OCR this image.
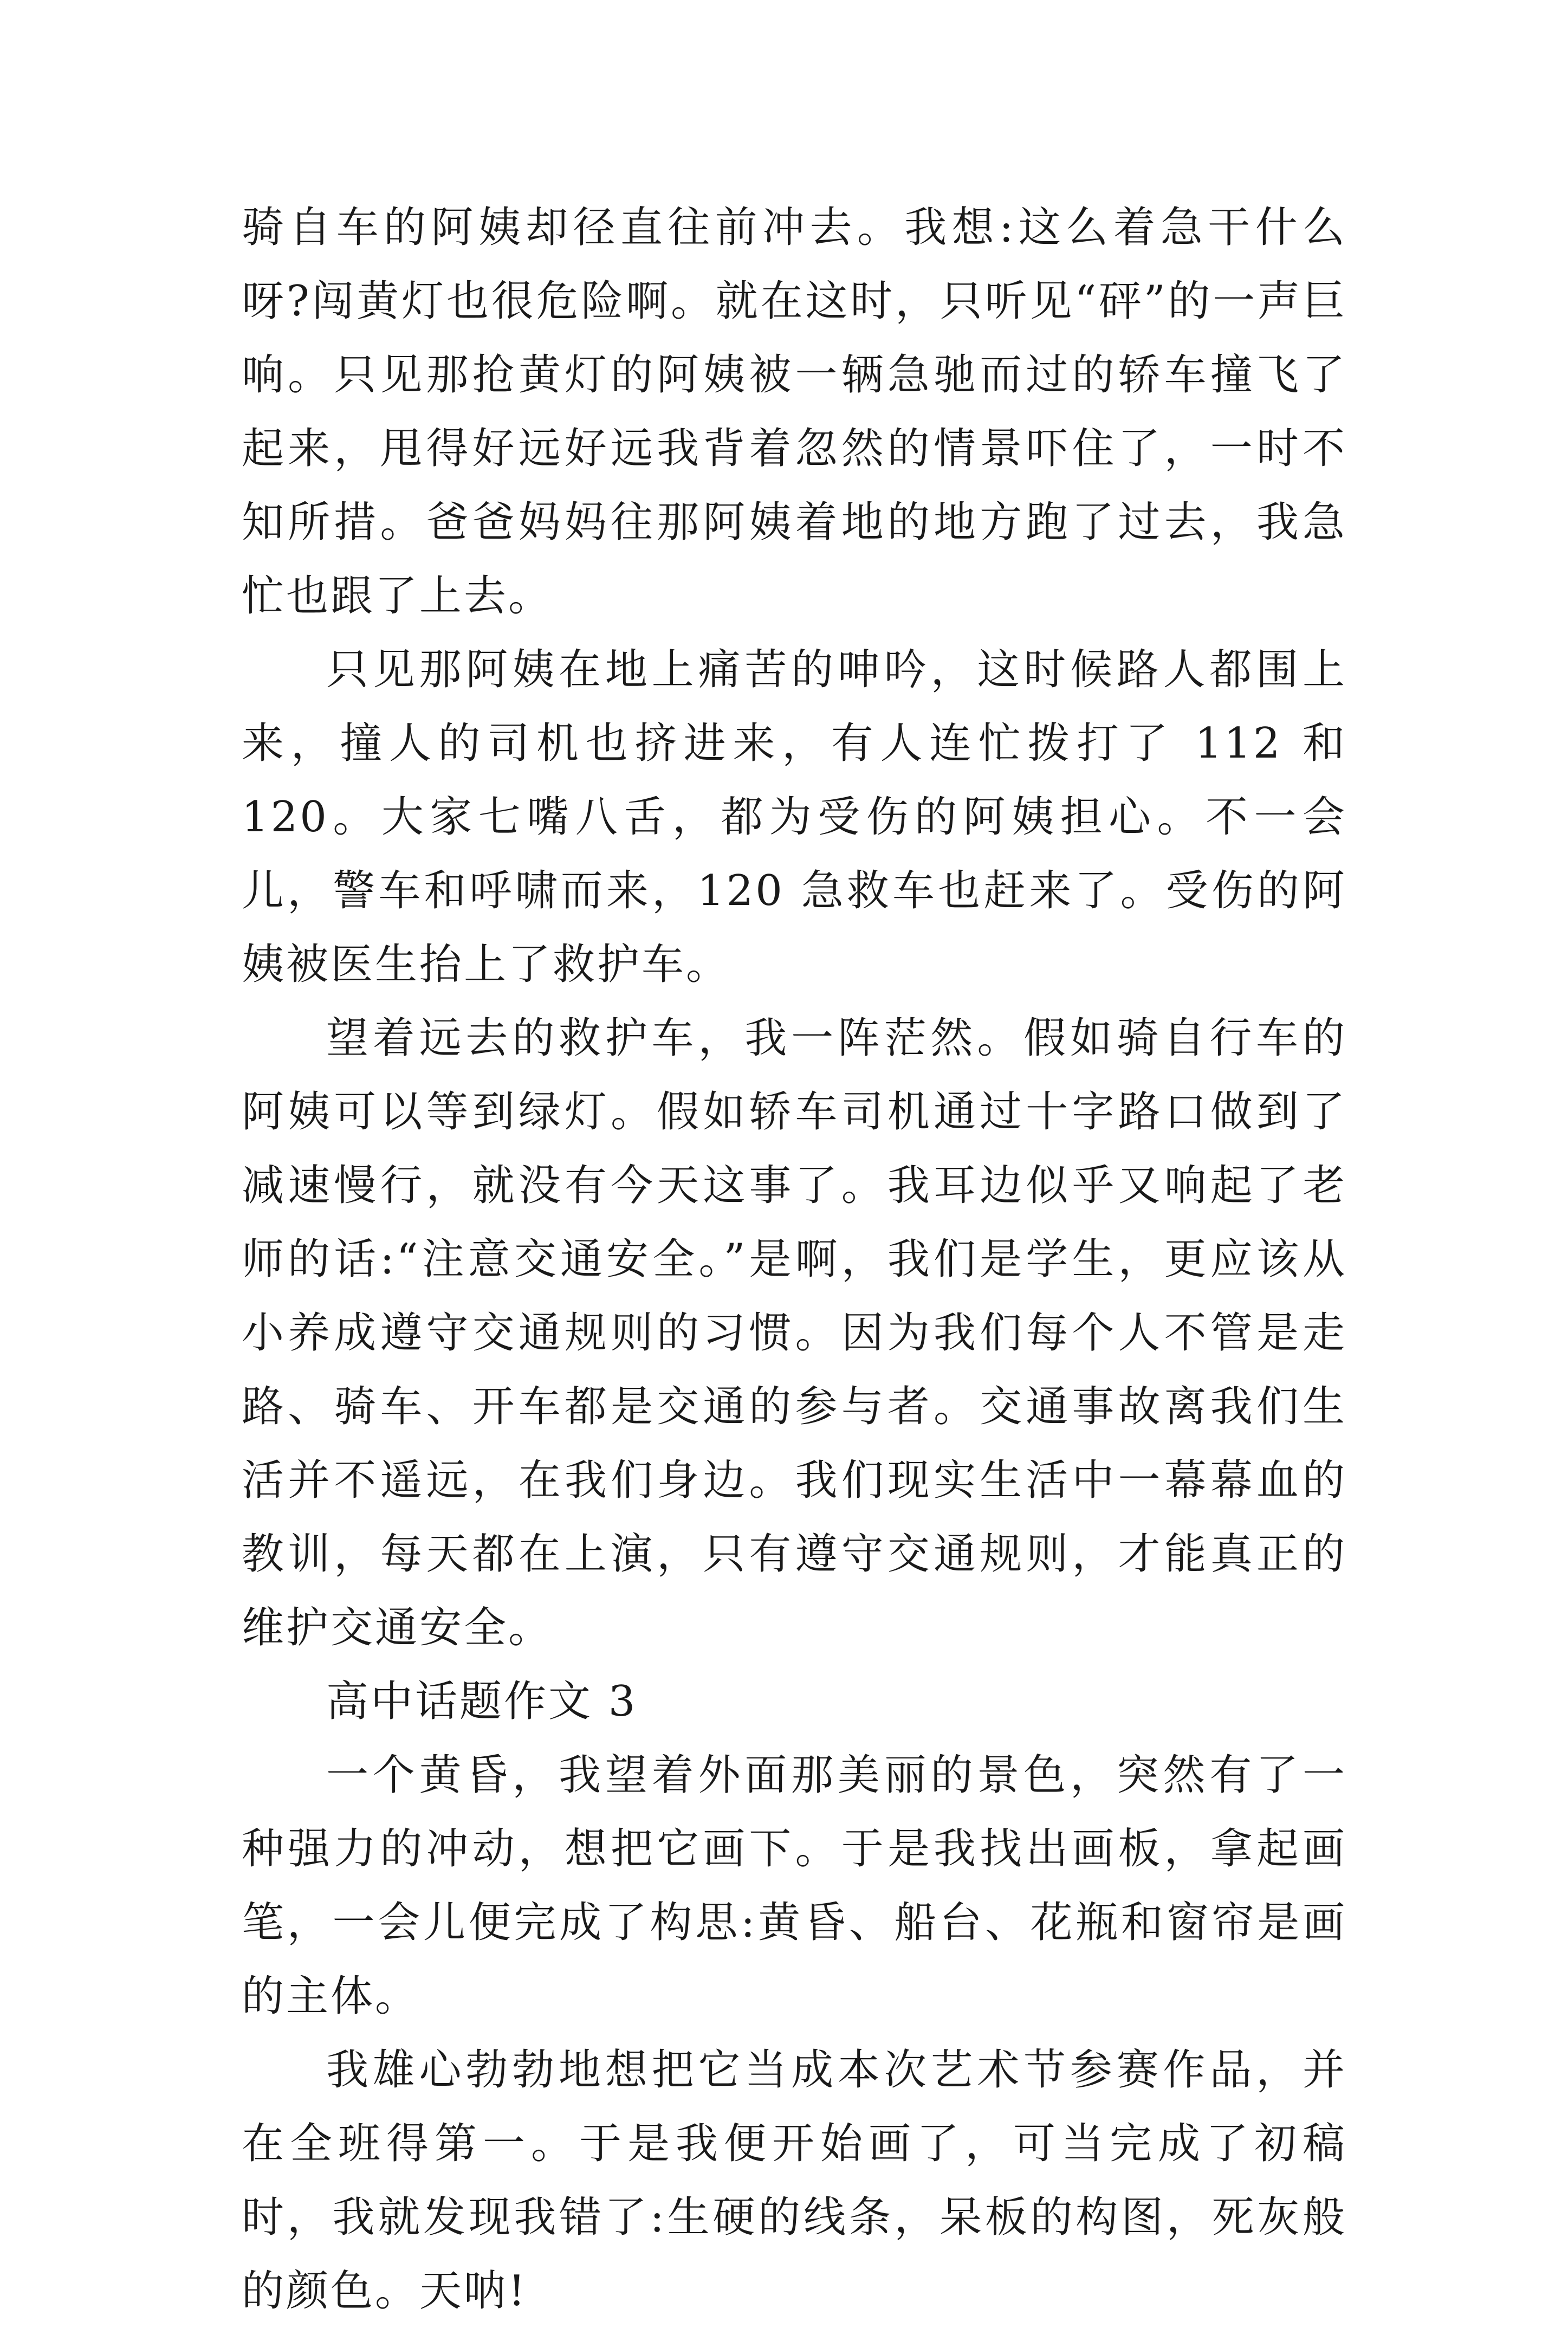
骑自车的阿姨却径直往前冲去。我想:这么着急干什么呀?闯黄灯也很危险啊。就在这时，只听见“砰”的一声巨响。只见那抢黄灯的阿姨被一辆急驰而过的轿车撞飞了起来，甩得好远好远我背着忽然的情景吓住了，一时不知所措。爸爸妈妈往那阿姨着地的地方跑了过去，我急忙也跟了上去。

只见那阿姨在地上痛苦的呻吟，这时候路人都围上来，撞人的司机也挤进来，有人连忙拨打了 112 和 120。大家七嘴八舌，都为受伤的阿姨担心。不一会儿，警车和呼啸而来，120 急救车也赶来了。受伤的阿姨被医生抬上了救护车。

望着远去的救护车，我一阵茫然。假如骑自行车的阿姨可以等到绿灯。假如轿车司机通过十字路口做到了减速慢行，就没有今天这事了。我耳边似乎又响起了老师的话:“注意交通安全。”是啊，我们是学生，更应该从小养成遵守交通规则的习惯。因为我们每个人不管是走路、骑车、开车都是交通的参与者。交通事故离我们生活并不遥远，在我们身边。我们现实生活中一幕幕血的教训，每天都在上演，只有遵守交通规则，才能真正的维护交通安全。

高中话题作文 3

一个黄昏，我望着外面那美丽的景色，突然有了一种强力的冲动，想把它画下。于是我找出画板，拿起画笔，一会儿便完成了构思:黄昏、船台、花瓶和窗帘是画的主体。

我雄心勃勃地想把它当成本次艺术节参赛作品，并在全班得第一。于是我便开始画了，可当完成了初稿时，我就发现我错了:生硬的线条，呆板的构图，死灰般的颜色。天呐!
